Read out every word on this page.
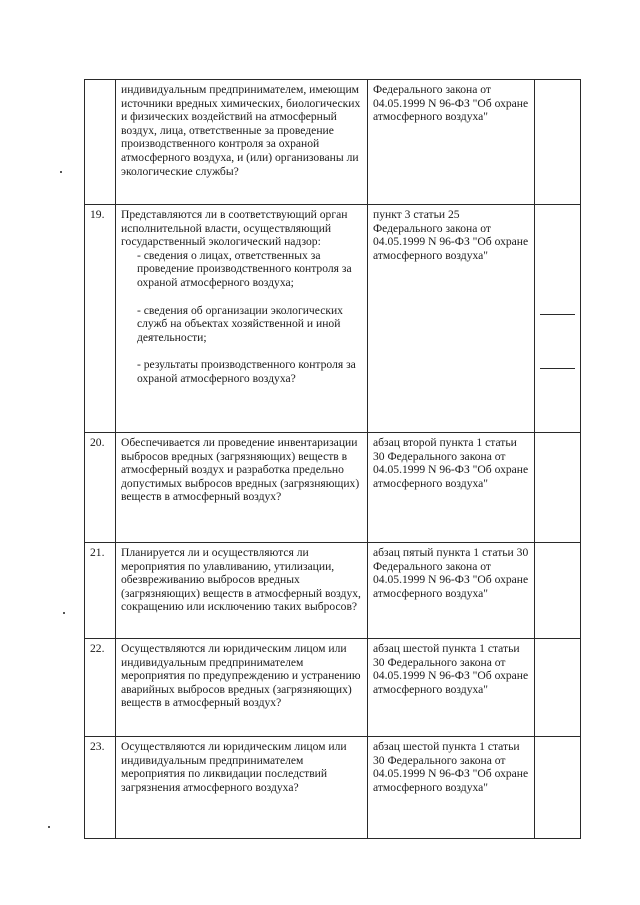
	индивидуальным предпринимателем, имеющим источники вредных химических, биологических и физических воздействий на атмосферный воздух, лица, ответственные за проведение производственного контроля за охраной атмосферного воздуха, и (или) организованы ли экологические службы?	Федерального закона от 04.05.1999 N 96-ФЗ "Об охране атмосферного воздуха"	
19.	Представляются ли в соответствующий орган исполнительной власти, осуществляющий государственный экологический надзор:
- сведения о лицах, ответственных за проведение производственного контроля за охраной атмосферного воздуха;
- сведения об организации экологических служб на объектах хозяйственной и иной деятельности;
- результаты производственного контроля за охраной атмосферного воздуха?	пункт 3 статьи 25 Федерального закона от 04.05.1999 N 96-ФЗ "Об охране атмосферного воздуха"	

20.	Обеспечивается ли проведение инвентаризации выбросов вредных (загрязняющих) веществ в атмосферный воздух и разработка предельно допустимых выбросов вредных (загрязняющих) веществ в атмосферный воздух?	абзац второй пункта 1 статьи 30 Федерального закона от 04.05.1999 N 96-ФЗ "Об охране атмосферного воздуха"	
21.	Планируется ли и осуществляются ли мероприятия по улавливанию, утилизации, обезвреживанию выбросов вредных (загрязняющих) веществ в атмосферный воздух, сокращению или исключению таких выбросов?	абзац пятый пункта 1 статьи 30 Федерального закона от 04.05.1999 N 96-ФЗ "Об охране атмосферного воздуха"	
22.	Осуществляются ли юридическим лицом или индивидуальным предпринимателем мероприятия по предупреждению и устранению аварийных выбросов вредных (загрязняющих) веществ в атмосферный воздух?	абзац шестой пункта 1 статьи 30 Федерального закона от 04.05.1999 N 96-ФЗ "Об охране атмосферного воздуха"	
23.	Осуществляются ли юридическим лицом или индивидуальным предпринимателем мероприятия по ликвидации последствий загрязнения атмосферного воздуха?	абзац шестой пункта 1 статьи 30 Федерального закона от 04.05.1999 N 96-ФЗ "Об охране атмосферного воздуха"	
